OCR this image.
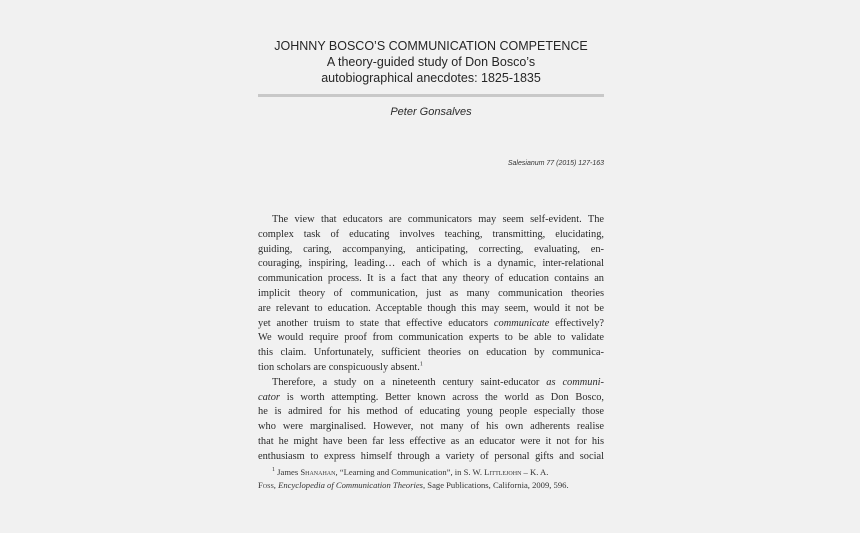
JOHNNY BOSCO’S COMMUNICATION COMPETENCE
A theory-guided study of Don Bosco’s
autobiographical anecdotes: 1825-1835
Peter Gonsalves
Salesianum 77 (2015) 127-163
The view that educators are communicators may seem self-evident. The
complex task of educating involves teaching, transmitting, elucidating,
guiding, caring, accompanying, anticipating, correcting, evaluating, en-
couraging, inspiring, leading… each of which is a dynamic, inter-relational
communication process. It is a fact that any theory of education contains an
implicit theory of communication, just as many communication theories
are relevant to education. Acceptable though this may seem, would it not be
yet another truism to state that effective educators communicate effectively?
We would require proof from communication experts to be able to validate
this claim. Unfortunately, sufficient theories on education by communica-
tion scholars are conspicuously absent.$^1$
Therefore, a study on a nineteenth century saint-educator as communi-
cator is worth attempting. Better known across the world as Don Bosco,
he is admired for his method of educating young people especially those
who were marginalised. However, not many of his own adherents realise
that he might have been far less effective as an educator were it not for his
enthusiasm to express himself through a variety of personal gifts and social
$^1$ James Shanahan, “Learning and Communication”, in S. W. Littlejohn – K. A.
Foss, Encyclopedia of Communication Theories, Sage Publications, California, 2009, 596.
